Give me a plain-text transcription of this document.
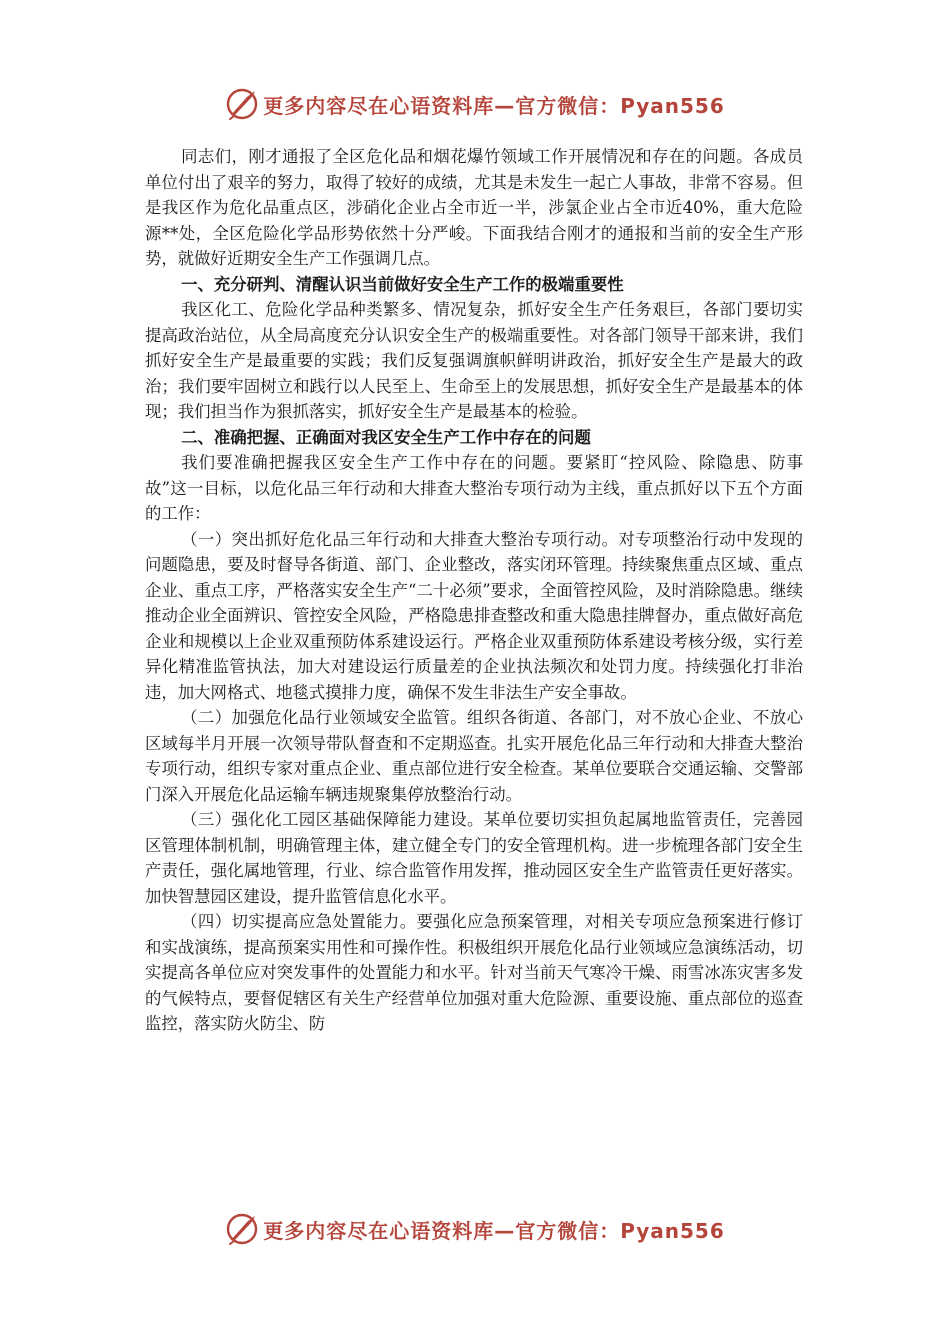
更多内容尽在心语资料库—官方微信：Pyan556

同志们，刚才通报了全区危化品和烟花爆竹领域工作开展情况和存在的问题。各成员单位付出了艰辛的努力，取得了较好的成绩，尤其是未发生一起亡人事故，非常不容易。但是我区作为危化品重点区，涉硝化企业占全市近一半，涉氯企业占全市近40%，重大危险源**处，全区危险化学品形势依然十分严峻。下面我结合刚才的通报和当前的安全生产形势，就做好近期安全生产工作强调几点。

一、充分研判、清醒认识当前做好安全生产工作的极端重要性

我区化工、危险化学品种类繁多、情况复杂，抓好安全生产任务艰巨，各部门要切实提高政治站位，从全局高度充分认识安全生产的极端重要性。对各部门领导干部来讲，我们抓好安全生产是最重要的实践；我们反复强调旗帜鲜明讲政治，抓好安全生产是最大的政治；我们要牢固树立和践行以人民至上、生命至上的发展思想，抓好安全生产是最基本的体现；我们担当作为狠抓落实，抓好安全生产是最基本的检验。

二、准确把握、正确面对我区安全生产工作中存在的问题

我们要准确把握我区安全生产工作中存在的问题。要紧盯“控风险、除隐患、防事故”这一目标，以危化品三年行动和大排查大整治专项行动为主线，重点抓好以下五个方面的工作：

（一）突出抓好危化品三年行动和大排查大整治专项行动。对专项整治行动中发现的问题隐患，要及时督导各街道、部门、企业整改，落实闭环管理。持续聚焦重点区域、重点企业、重点工序，严格落实安全生产“二十必须”要求，全面管控风险，及时消除隐患。继续推动企业全面辨识、管控安全风险，严格隐患排查整改和重大隐患挂牌督办，重点做好高危企业和规模以上企业双重预防体系建设运行。严格企业双重预防体系建设考核分级，实行差异化精准监管执法，加大对建设运行质量差的企业执法频次和处罚力度。持续强化打非治违，加大网格式、地毯式摸排力度，确保不发生非法生产安全事故。

（二）加强危化品行业领域安全监管。组织各街道、各部门，对不放心企业、不放心区域每半月开展一次领导带队督查和不定期巡查。扎实开展危化品三年行动和大排查大整治专项行动，组织专家对重点企业、重点部位进行安全检查。某单位要联合交通运输、交警部门深入开展危化品运输车辆违规聚集停放整治行动。

（三）强化化工园区基础保障能力建设。某单位要切实担负起属地监管责任，完善园区管理体制机制，明确管理主体，建立健全专门的安全管理机构。进一步梳理各部门安全生产责任，强化属地管理，行业、综合监管作用发挥，推动园区安全生产监管责任更好落实。加快智慧园区建设，提升监管信息化水平。

（四）切实提高应急处置能力。要强化应急预案管理，对相关专项应急预案进行修订和实战演练，提高预案实用性和可操作性。积极组织开展危化品行业领域应急演练活动，切实提高各单位应对突发事件的处置能力和水平。针对当前天气寒冷干燥、雨雪冰冻灾害多发的气候特点，要督促辖区有关生产经营单位加强对重大危险源、重要设施、重点部位的巡查监控，落实防火防尘、防

更多内容尽在心语资料库—官方微信：Pyan556
